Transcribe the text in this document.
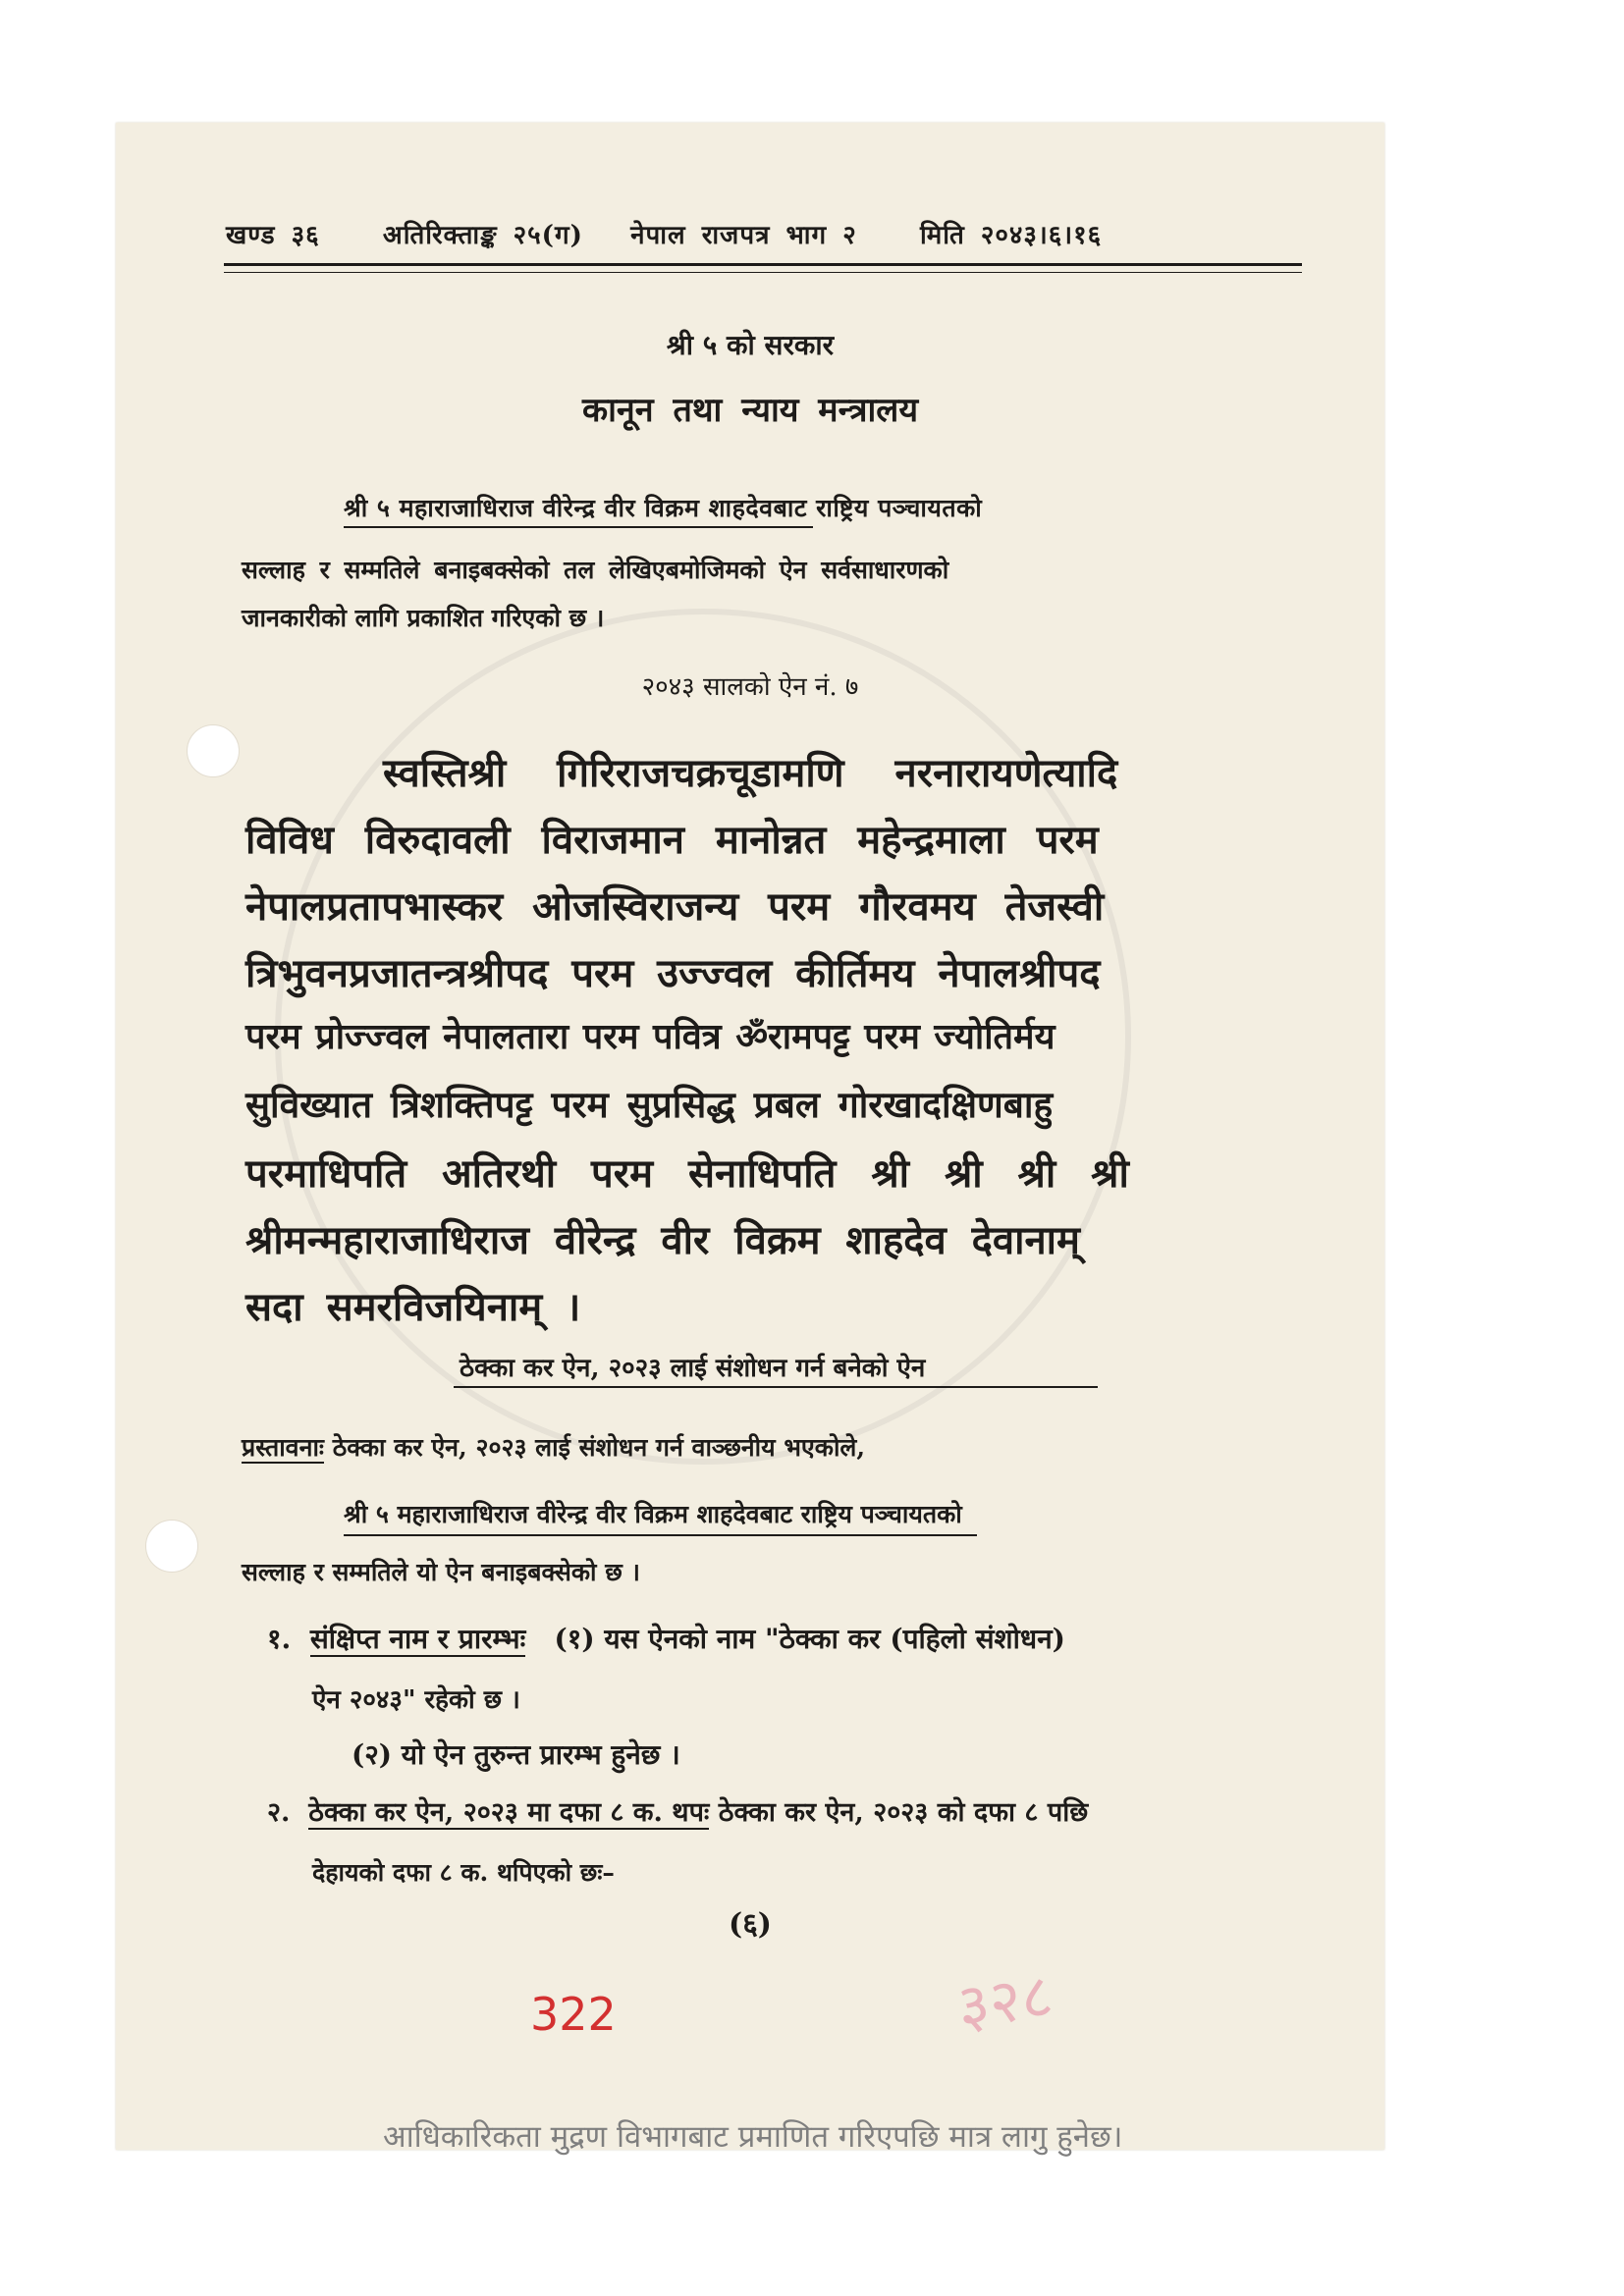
खण्ड ३६ अतिरिक्ताङ्क २५(ग) नेपाल राजपत्र भाग २ मिति २०४३।६।१६
श्री ५ को सरकार
कानून तथा न्याय मन्त्रालय
श्री ५ महाराजाधिराज वीरेन्द्र वीर विक्रम शाहदेवबाट राष्ट्रिय पञ्चायतको
सल्लाह र सम्मतिले बनाइबक्सेको तल लेखिएबमोजिमको ऐन सर्वसाधारणको
जानकारीको लागि प्रकाशित गरिएको छ ।
२०४३ सालको ऐन नं. ७
स्वस्तिश्री गिरिराजचक्रचूडामणि नरनारायणेत्यादि
विविध विरुदावली विराजमान मानोन्नत महेन्द्रमाला परम
नेपालप्रतापभास्कर ओजस्विराजन्य परम गौरवमय तेजस्वी
त्रिभुवनप्रजातन्त्रश्रीपद परम उज्ज्वल कीर्तिमय नेपालश्रीपद
परम प्रोज्ज्वल नेपालतारा परम पवित्र ॐरामपट्ट परम ज्योतिर्मय
सुविख्यात त्रिशक्तिपट्ट परम सुप्रसिद्ध प्रबल गोरखादक्षिणबाहु
परमाधिपति अतिरथी परम सेनाधिपति श्री श्री श्री श्री
श्रीमन्महाराजाधिराज वीरेन्द्र वीर विक्रम शाहदेव देवानाम्
सदा समरविजयिनाम् ।
ठेक्का कर ऐन, २०२३ लाई संशोधन गर्न बनेको ऐन
प्रस्तावनाः ठेक्का कर ऐन, २०२३ लाई संशोधन गर्न वाञ्छनीय भएकोले,
श्री ५ महाराजाधिराज वीरेन्द्र वीर विक्रम शाहदेवबाट राष्ट्रिय पञ्चायतको
सल्लाह र सम्मतिले यो ऐन बनाइबक्सेको छ ।
१. संक्षिप्त नाम र प्रारम्भः (१) यस ऐनको नाम "ठेक्का कर (पहिलो संशोधन)
ऐन २०४३" रहेको छ ।
(२) यो ऐन तुरुन्त प्रारम्भ हुनेछ ।
२. ठेक्का कर ऐन, २०२३ मा दफा ८ क. थपः ठेक्का कर ऐन, २०२३ को दफा ८ पछि
देहायको दफा ८ क. थपिएको छः–
(६)
322	३२८
आधिकारिकता मुद्रण विभागबाट प्रमाणित गरिएपछि मात्र लागु हुनेछ।
